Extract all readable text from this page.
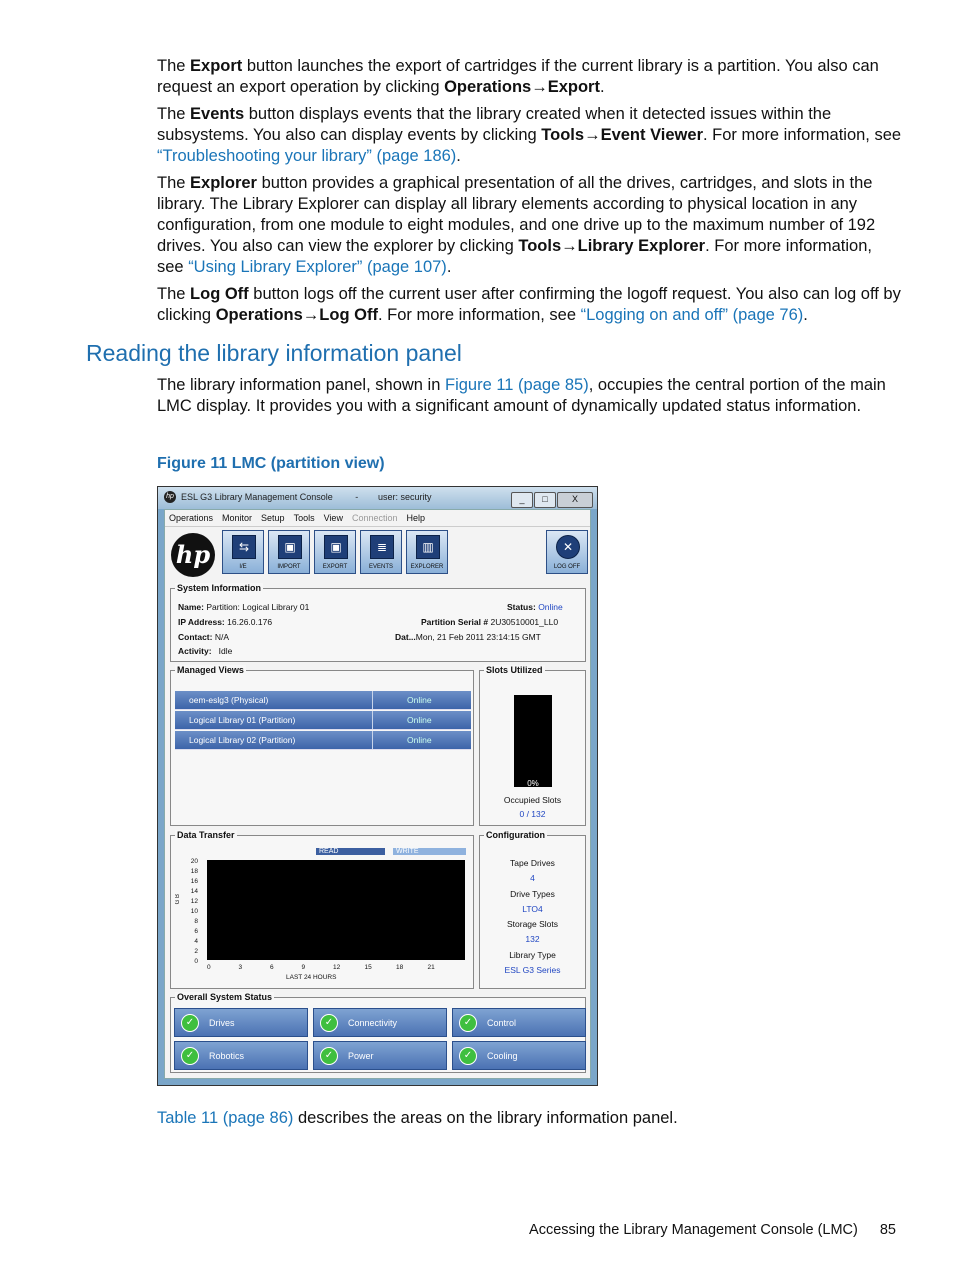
The Export button launches the export of cartridges if the current library is a partition. You also can request an export operation by clicking Operations→Export.

The Events button displays events that the library created when it detected issues within the subsystems. You also can display events by clicking Tools→Event Viewer. For more information, see “Troubleshooting your library” (page 186).

The Explorer button provides a graphical presentation of all the drives, cartridges, and slots in the library. The Library Explorer can display all library elements according to physical location in any configuration, from one module to eight modules, and one drive up to the maximum number of 192 drives. You also can view the explorer by clicking Tools→Library Explorer. For more information, see “Using Library Explorer” (page 107).

The Log Off button logs off the current user after confirming the logoff request. You also can log off by clicking Operations→Log Off. For more information, see “Logging on and off” (page 76).

Reading the library information panel

The library information panel, shown in Figure 11 (page 85), occupies the central portion of the main LMC display. It provides you with a significant amount of dynamically updated status information.

Figure 11 LMC (partition view)

hp ESL G3 Library Management Console	- user: security	_ □	X
Operations Monitor Setup Tools View Connection Help
hp	⇆
I/E
▣
IMPORT
▣
EXPORT
≣
EVENTS
▥
EXPLORER
✕
LOG OFF
System Information
Name: Partition: Logical Library 01	Status: Online
IP Address: 16.26.0.176	Partition Serial # 2U30510001_LL0
Contact: N/A	Dat...Mon, 21 Feb 2011 23:14:15 GMT
Activity: Idle
Managed Views
oem-eslg3 (Physical)	Online
Logical Library 01 (Partition)	Online
Logical Library 02 (Partition)	Online
Slots Utilized
0%
Occupied Slots
0 / 132
Data Transfer
READ	WRITE
G B
20
18
16
14
12
10
8
6
4
2
0
0	3	6	9	12	15	18	21
LAST 24 HOURS
Configuration
Tape Drives
4
Drive Types
LTO4
Storage Slots
132
Library Type
ESL G3 Series
Overall System Status
✓	Drives	✓	Connectivity	✓	Control
✓	Robotics	✓	Power	✓	Cooling

Table 11 (page 86) describes the areas on the library information panel.

Accessing the Library Management Console (LMC) 85
